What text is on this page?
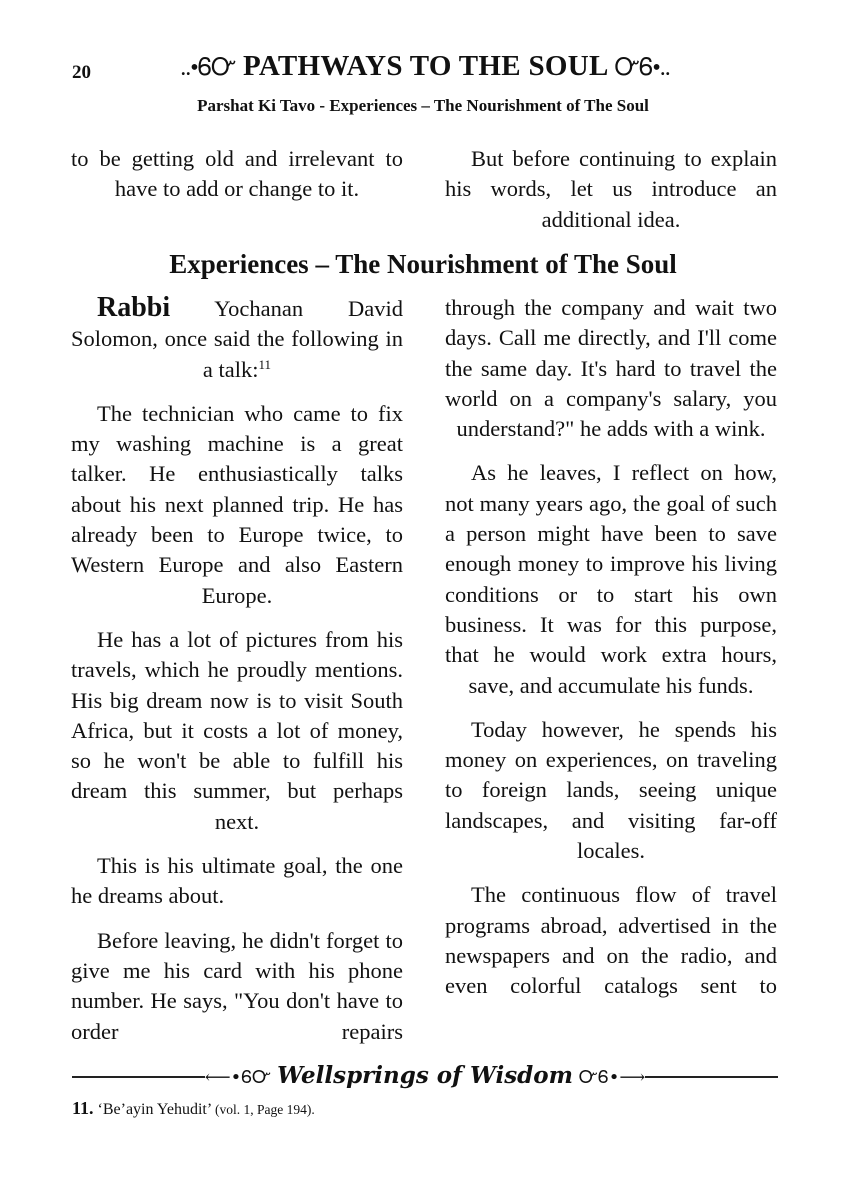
20	..•ᏮᏅ PATHWAYS TO THE SOUL ᏅᏮ•..
Parshat Ki Tavo - Experiences – The Nourishment of The Soul

to be getting old and irrelevant to have to add or change to it.

But before continuing to explain his words, let us introduce an additional idea.

Experiences – The Nourishment of The Soul

Rabbi Yochanan David Solomon, once said the following in a talk:$^{11}$

The technician who came to fix my washing machine is a great talker. He enthusiastically talks about his next planned trip. He has already been to Europe twice, to Western Europe and also Eastern Europe.

He has a lot of pictures from his travels, which he proudly mentions. His big dream now is to visit South Africa, but it costs a lot of money, so he won't be able to fulfill his dream this summer, but perhaps next.

This is his ultimate goal, the one he dreams about.

Before leaving, he didn't forget to give me his card with his phone number. He says, "You don't have to order repairs

through the company and wait two days. Call me directly, and I'll come the same day. It's hard to travel the world on a company's salary, you understand?" he adds with a wink.

As he leaves, I reflect on how, not many years ago, the goal of such a person might have been to save enough money to improve his living conditions or to start his own business. It was for this purpose, that he would work extra hours, save, and accumulate his funds.

Today however, he spends his money on experiences, on traveling to foreign lands, seeing unique landscapes, and visiting far-off locales.

The continuous flow of travel programs abroad, advertised in the newspapers and on the radio, and even colorful catalogs sent to

⟵•ᏮᏅ Wellsprings of Wisdom ᏅᏮ•⟶
11. ‘Be’ayin Yehudit’ (vol. 1, Page 194).
